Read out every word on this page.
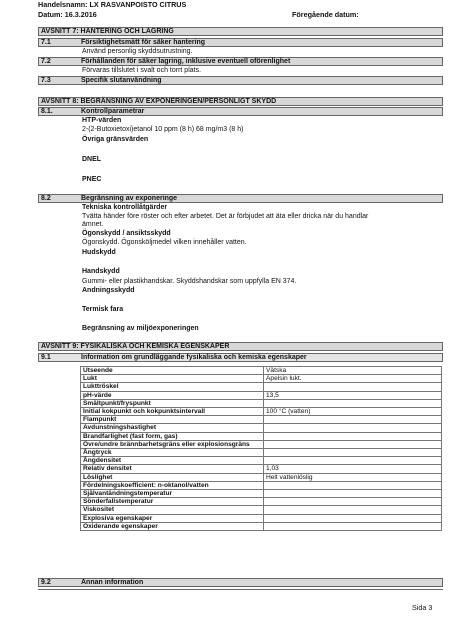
Handelsnamn: LX RASVANPOISTO CITRUS
Datum: 16.3.2016	Föregående datum:
AVSNITT 7: HANTERING OCH LAGRING
7.1	Försiktighetsmått för säker hantering
Använd personlig skyddsutrustning.
7.2	Förhållanden för säker lagring, inklusive eventuell oförenlighet
Förvaras tillslutet i svalt och torrt plats.
7.3	Specifik slutanvändning
AVSNITT 8: BEGRÄNSNING AV EXPONERINGEN/PERSONLIGT SKYDD
8.1.	Kontrollparametrar
HTP-värden
2-(2-Butoxietoxi)etanol 10 ppm (8 h) 68 mg/m3 (8 h)
Övriga gränsvärden
DNEL
PNEC
8.2	Begränsning av exponeringe
Tekniska kontrollåtgärder
Tvätta händer före röster och efter arbetet. Det är förbjudet att äta eller dricka när du handlar
ämnet.
Ögonskydd / ansiktsskydd
Ögonskydd. Ögonsköljmedel vilken innehåller vatten.
Hudskydd
Handskydd
Gummi- eller plastikhandskar. Skyddshandskar som uppfylla EN 374.
Andningsskydd
Termisk fara
Begränsning av miljöexponeringen
AVSNITT 9: FYSIKALISKA OCH KEMISKA EGENSKAPER
9.1	Information om grundläggande fysikaliska och kemiska egenskaper
Utseende	Vätska
Lukt	Apelsin lukt.
Lukttröskel	
pH-värde	13,5
Smältpunkt/fryspunkt	
Initial kokpunkt och kokpunktsintervall	100 °C (vatten)
Flampunkt	
Avdunstningshastighet	
Brandfarlighet (fast form, gas)	
Övre/undre brännbarhetsgräns eller explosionsgräns	
Ångtryck	
Ångdensitet	
Relativ densitet	1,03
Löslighet	Helt vattenlöslig
Fördelningskoefficient: n-oktanol/vatten	
Självantändningstemperatur	
Sönderfallstemperatur	
Viskositet	
Explosiva egenskaper	
Oxiderande egenskaper	
9.2	Annan information
Sida 3
